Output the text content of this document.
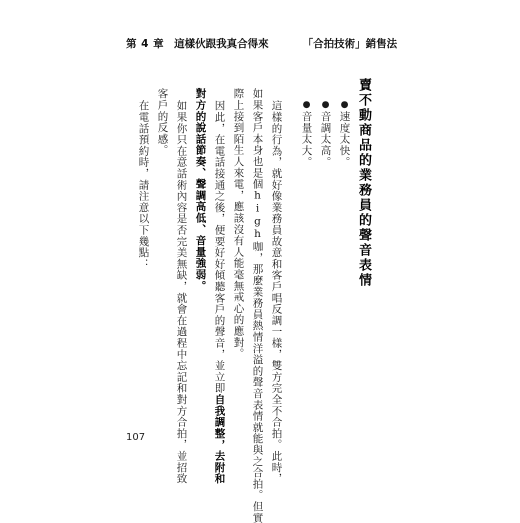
第 4 章 這樣伙跟我真合得來	「合拍技術」銷售法
賣不動商品的業務員的聲音表情
●速度太快。
●音調太高。
●音量太大。
這樣的行為，就好像業務員故意和客戶唱反調一樣，雙方完全不合拍。此時，
如果客戶本身也是個high咖，那麼業務員熱情洋溢的聲音表情就能與之合拍。但實
際上接到陌生人來電，應該沒有人能毫無戒心的應對。
因此，在電話接通之後，便要好好傾聽客戶的聲音，並立即自我調整，去附和
對方的說話節奏、聲調高低、音量強弱。
如果你只在意話術內容是否完美無缺，就會在過程中忘記和對方合拍，並招致
客戶的反感。
在電話預約時，請注意以下幾點：
107
